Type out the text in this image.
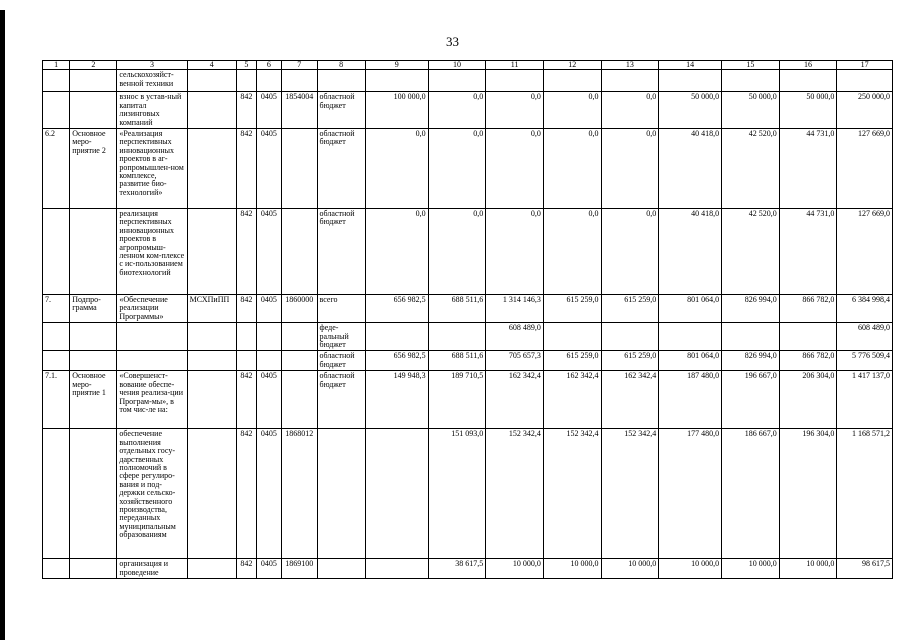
33
1	2	3	4	5	6	7	8	9	10	11	12	13	14	15	16	17
		сельскохозяйст-венной техники														
		взнос в устав-ный капитал лизинговых компаний		842	0405	1854004	областной бюджет	100 000,0	0,0	0,0	0,0	0,0	50 000,0	50 000,0	50 000,0	250 000,0
6.2	Основное меро-приятие 2	«Реализация перспективных инновационных проектов в аг-ропромышлен-ном комплексе, развитие био-технологий»		842	0405		областной бюджет	0,0	0,0	0,0	0,0	0,0	40 418,0	42 520,0	44 731,0	127 669,0
		реализация перспективных инновационных проектов в агропромыш-ленном ком-плексе с ис-пользованием биотехнологий		842	0405		областной бюджет	0,0	0,0	0,0	0,0	0,0	40 418,0	42 520,0	44 731,0	127 669,0
7.	Подпро-грамма	«Обеспечение реализации Программы»	МСХПиПП	842	0405	1860000	всего	656 982,5	688 511,6	1 314 146,3	615 259,0	615 259,0	801 064,0	826 994,0	866 782,0	6 384 998,4
							феде-ральный бюджет			608 489,0						608 489,0
							областной бюджет	656 982,5	688 511,6	705 657,3	615 259,0	615 259,0	801 064,0	826 994,0	866 782,0	5 776 509,4
7.1.	Основное меро-приятие 1	«Совершенст-вование обеспе-чения реализа-ции Програм-мы», в том чис-ле на:		842	0405		областной бюджет	149 948,3	189 710,5	162 342,4	162 342,4	162 342,4	187 480,0	196 667,0	206 304,0	1 417 137,0
		обеспечение выполнения отдельных госу-дарственных полномочий в сфере регулиро-вания и под-держки сельско-хозяйственного производства, переданных муниципальным образованиям		842	0405	1868012			151 093,0	152 342,4	152 342,4	152 342,4	177 480,0	186 667,0	196 304,0	1 168 571,2
		организация и проведение		842	0405	1869100			38 617,5	10 000,0	10 000,0	10 000,0	10 000,0	10 000,0	10 000,0	98 617,5
